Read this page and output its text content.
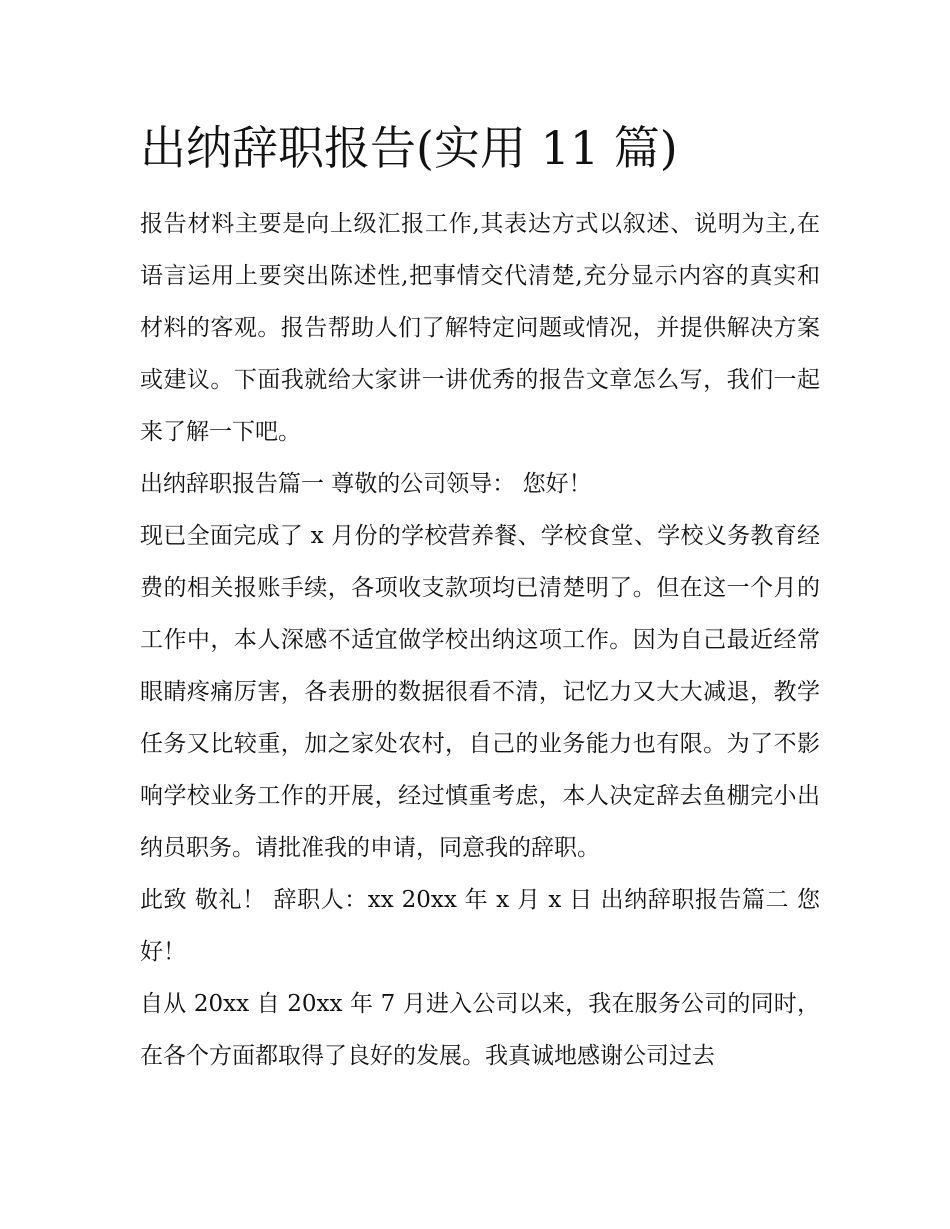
出纳辞职报告(实用 11 篇)

报告材料主要是向上级汇报工作,其表达方式以叙述、说明为主,在语言运用上要突出陈述性,把事情交代清楚,充分显示内容的真实和材料的客观。报告帮助人们了解特定问题或情况，并提供解决方案或建议。下面我就给大家讲一讲优秀的报告文章怎么写，我们一起来了解一下吧。

出纳辞职报告篇一 尊敬的公司领导： 您好！

现已全面完成了 x 月份的学校营养餐、学校食堂、学校义务教育经费的相关报账手续，各项收支款项均已清楚明了。但在这一个月的工作中，本人深感不适宜做学校出纳这项工作。因为自己最近经常眼睛疼痛厉害，各表册的数据很看不清，记忆力又大大减退，教学任务又比较重，加之家处农村，自己的业务能力也有限。为了不影响学校业务工作的开展，经过慎重考虑，本人决定辞去鱼棚完小出纳员职务。请批准我的申请，同意我的辞职。

此致 敬礼！ 辞职人：xx 20xx 年 x 月 x 日 出纳辞职报告篇二 您好！

自从 20xx 自 20xx 年 7 月进入公司以来，我在服务公司的同时，在各个方面都取得了良好的发展。我真诚地感谢公司过去
